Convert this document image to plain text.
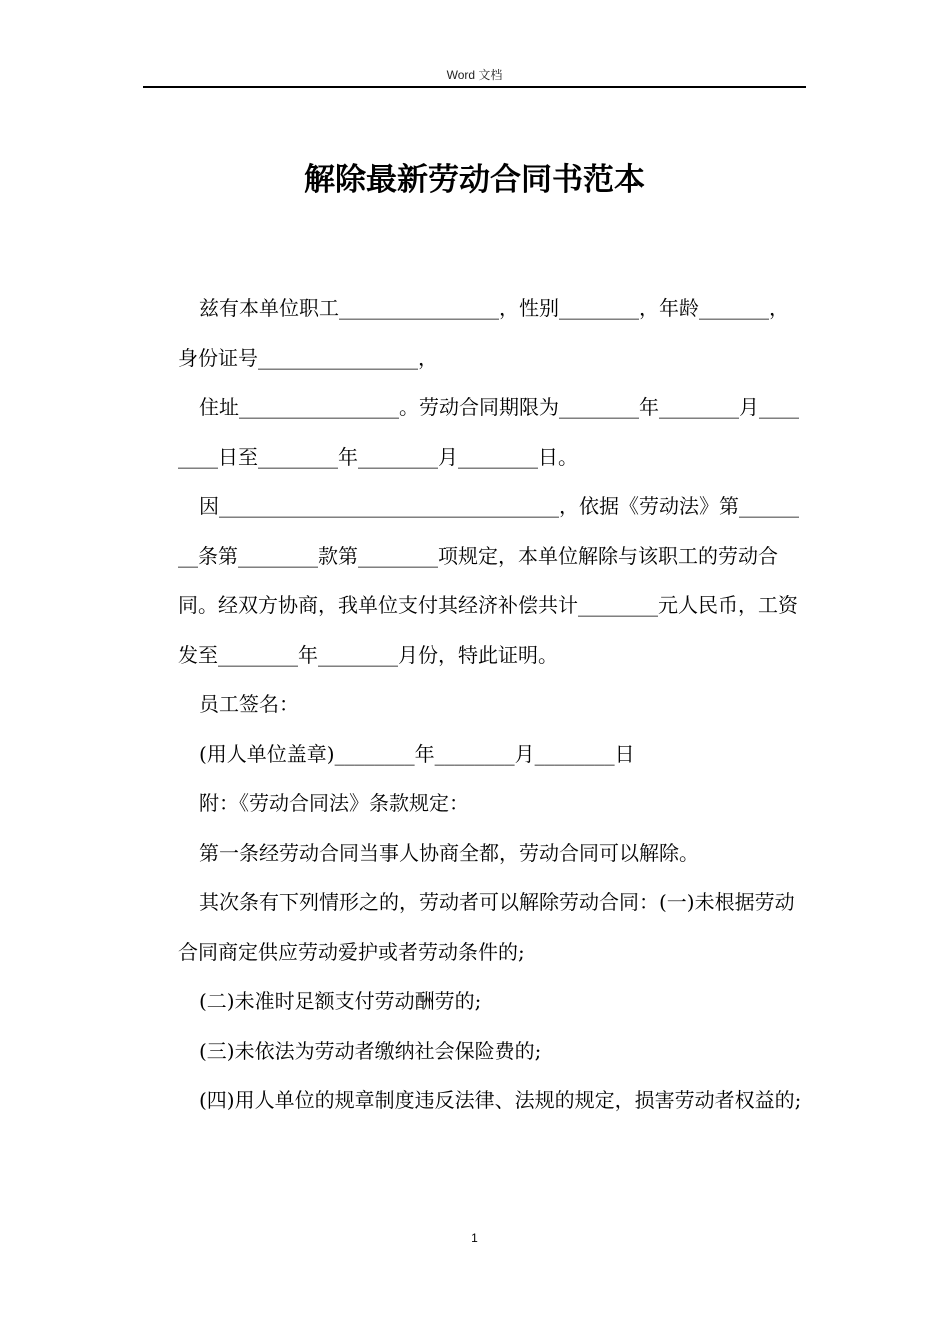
Word 文档
解除最新劳动合同书范本

兹有本单位职工________________，性别________，年龄_______，身份证号________________，

住址________________。劳动合同期限为________年________月________日至________年________月________日。

因__________________________________，依据《劳动法》第________条第________款第________项规定，本单位解除与该职工的劳动合同。经双方协商，我单位支付其经济补偿共计________元人民币，工资发至________年________月份，特此证明。

员工签名：

(用人单位盖章)________年________月________日

附：《劳动合同法》条款规定：

第一条经劳动合同当事人协商全都，劳动合同可以解除。

其次条有下列情形之的，劳动者可以解除劳动合同：(一)未根据劳动合同商定供应劳动爱护或者劳动条件的;

(二)未准时足额支付劳动酬劳的;

(三)未依法为劳动者缴纳社会保险费的;

(四)用人单位的规章制度违反法律、法规的规定，损害劳动者权益的;

1
